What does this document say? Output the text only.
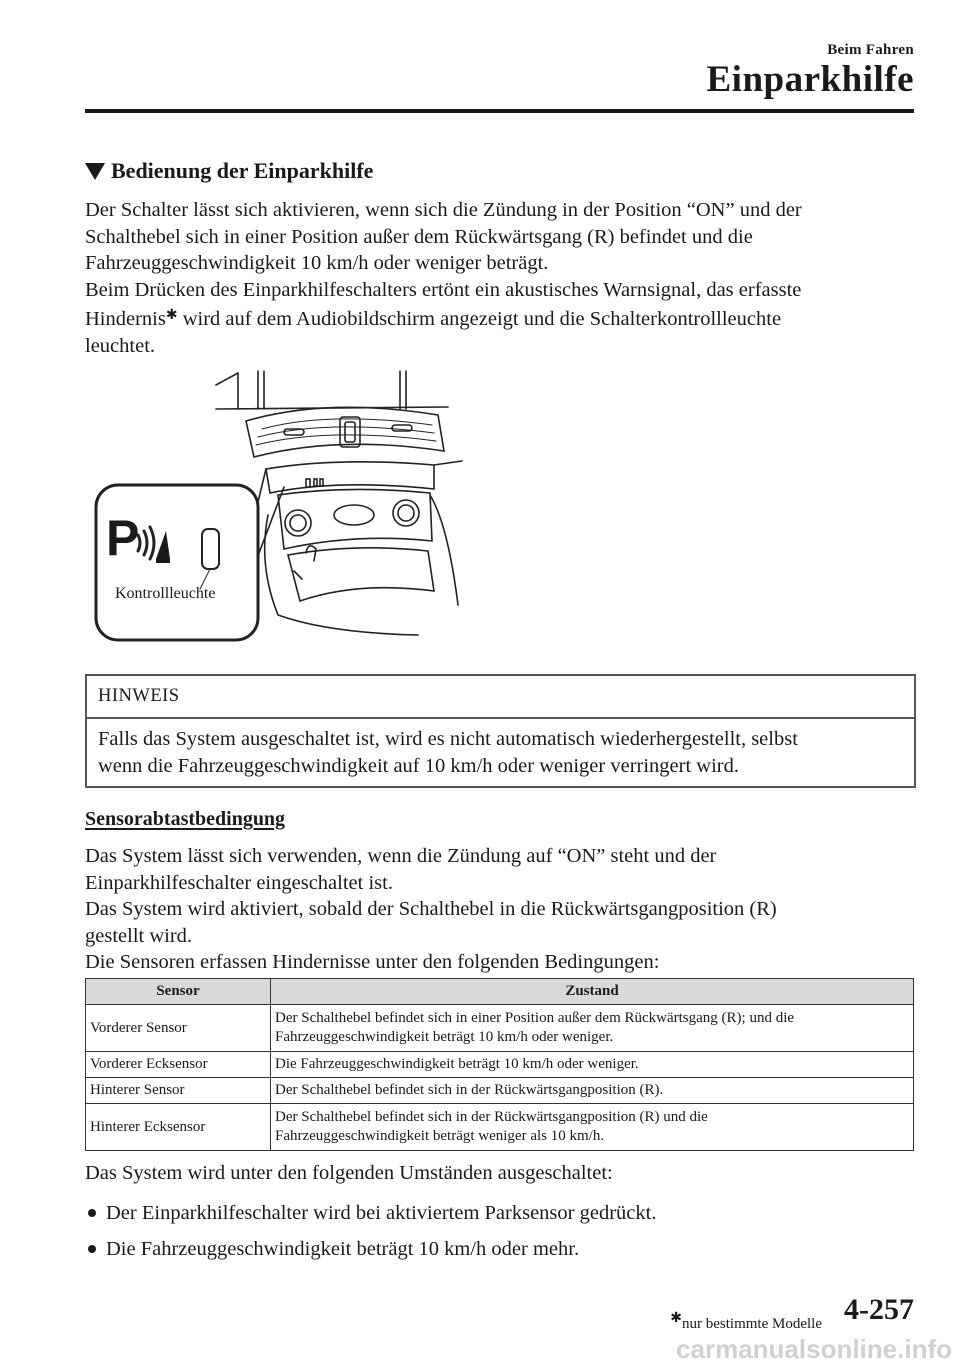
Beim Fahren
Einparkhilfe
Bedienung der Einparkhilfe
Der Schalter lässt sich aktivieren, wenn sich die Zündung in der Position “ON” und der
Schalthebel sich in einer Position außer dem Rückwärtsgang (R) befindet und die
Fahrzeuggeschwindigkeit 10 km/h oder weniger beträgt.
Beim Drücken des Einparkhilfeschalters ertönt ein akustisches Warnsignal, das erfasste
Hindernis✱ wird auf dem Audiobildschirm angezeigt und die Schalterkontrollleuchte
leuchtet.
P
Kontrollleuchte
HINWEIS
Falls das System ausgeschaltet ist, wird es nicht automatisch wiederhergestellt, selbst
wenn die Fahrzeuggeschwindigkeit auf 10 km/h oder weniger verringert wird.
Sensorabtastbedingung
Das System lässt sich verwenden, wenn die Zündung auf “ON” steht und der
Einparkhilfeschalter eingeschaltet ist.
Das System wird aktiviert, sobald der Schalthebel in die Rückwärtsgangposition (R)
gestellt wird.
Die Sensoren erfassen Hindernisse unter den folgenden Bedingungen:
Sensor	Zustand
Vorderer Sensor	Der Schalthebel befindet sich in einer Position außer dem Rückwärtsgang (R); und die
Fahrzeuggeschwindigkeit beträgt 10 km/h oder weniger.

Vorderer Ecksensor	Die Fahrzeuggeschwindigkeit beträgt 10 km/h oder weniger.
Hinterer Sensor	Der Schalthebel befindet sich in der Rückwärtsgangposition (R).
Hinterer Ecksensor	Der Schalthebel befindet sich in der Rückwärtsgangposition (R) und die
Fahrzeuggeschwindigkeit beträgt weniger als 10 km/h.
Das System wird unter den folgenden Umständen ausgeschaltet:
Der Einparkhilfeschalter wird bei aktiviertem Parksensor gedrückt.
Die Fahrzeuggeschwindigkeit beträgt 10 km/h oder mehr.
✱nur bestimmte Modelle 4-257
carmanualsonline.info
